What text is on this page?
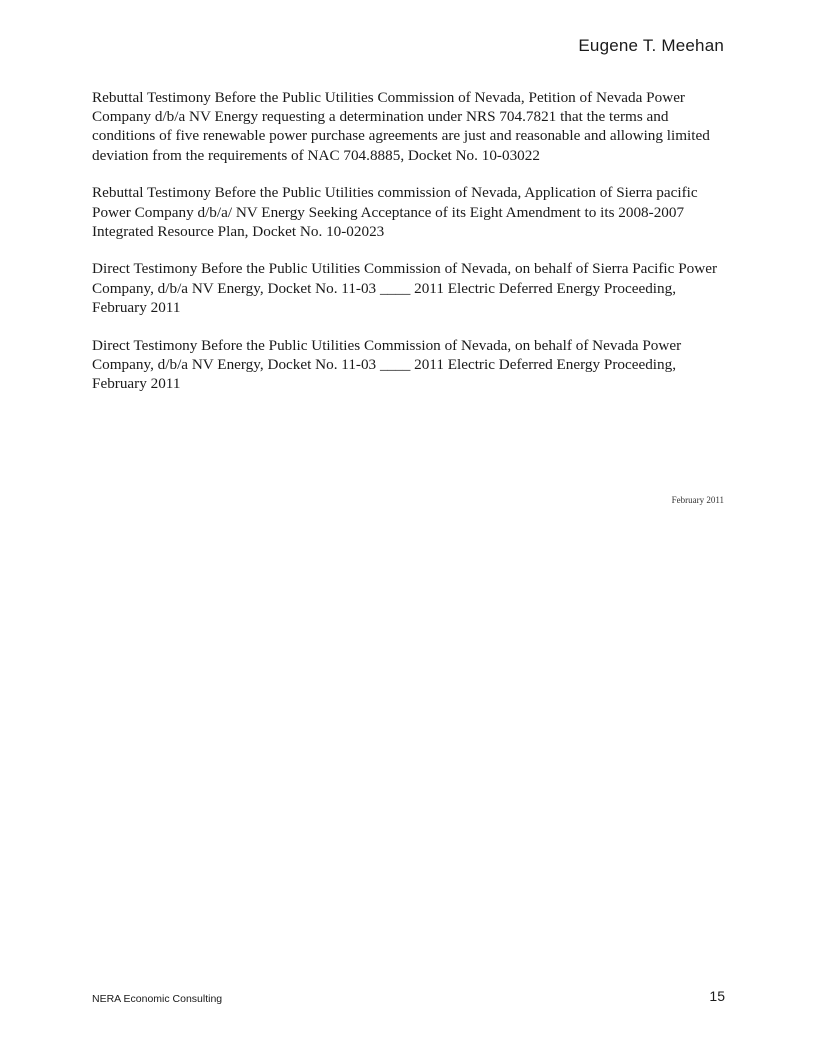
Eugene T. Meehan

Rebuttal Testimony Before the Public Utilities Commission of Nevada, Petition of Nevada Power Company d/b/a NV Energy requesting a determination under NRS 704.7821 that the terms and conditions of five renewable power purchase agreements are just and reasonable and allowing limited deviation from the requirements of NAC 704.8885, Docket No. 10-03022

Rebuttal Testimony Before the Public Utilities commission of Nevada, Application of Sierra pacific Power Company d/b/a/ NV Energy Seeking Acceptance of its Eight Amendment to its 2008-2007 Integrated Resource Plan, Docket No. 10-02023

Direct Testimony Before the Public Utilities Commission of Nevada, on behalf of Sierra Pacific Power Company, d/b/a NV Energy, Docket No. 11-03 ____ 2011 Electric Deferred Energy Proceeding, February 2011

Direct Testimony Before the Public Utilities Commission of Nevada, on behalf of Nevada Power Company, d/b/a NV Energy, Docket No. 11-03 ____ 2011 Electric Deferred Energy Proceeding, February 2011

February 2011
NERA Economic Consulting	15
